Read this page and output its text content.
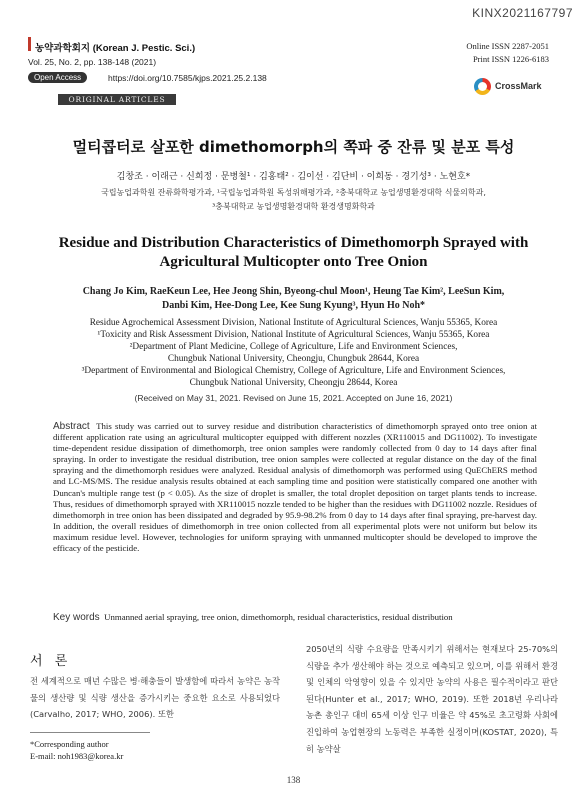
KINX2021167797
농약과학회지 (Korean J. Pestic. Sci.)
Vol. 25, No. 2, pp. 138-148 (2021)
Open Access	https://doi.org/10.7585/kjps.2021.25.2.138
ORIGINAL ARTICLES
Online ISSN 2287-2051
Print ISSN 1226-6183
CrossMark
멀티콥터로 살포한 dimethomorph의 쪽파 중 잔류 및 분포 특성
김창조 · 이래근 · 신희정 · 문병철¹ · 김홍태² · 김이선 · 김단비 · 이희동 · 경기성³ · 노현호*
국립농업과학원 잔류화학평가과, ¹국립농업과학원 독성위해평가과, ²충북대학교 농업생명환경대학 식물의학과,
³충북대학교 농업생명환경대학 환경생명화학과
Residue and Distribution Characteristics of Dimethomorph Sprayed with Agricultural Multicopter onto Tree Onion
Chang Jo Kim, RaeKeun Lee, Hee Jeong Shin, Byeong-chul Moon¹, Heung Tae Kim², LeeSun Kim,
Danbi Kim, Hee-Dong Lee, Kee Sung Kyung³, Hyun Ho Noh*
Residue Agrochemical Assessment Division, National Institute of Agricultural Sciences, Wanju 55365, Korea
¹Toxicity and Risk Assessment Division, National Institute of Agricultural Sciences, Wanju 55365, Korea
²Department of Plant Medicine, College of Agriculture, Life and Environment Sciences,
Chungbuk National University, Cheongju, Chungbuk 28644, Korea
³Department of Environmental and Biological Chemistry, College of Agriculture, Life and Environment Sciences,
Chungbuk National University, Cheongju 28644, Korea
(Received on May 31, 2021. Revised on June 15, 2021. Accepted on June 16, 2021)
Abstract This study was carried out to survey residue and distribution characteristics of dimethomorph sprayed onto tree onion at different application rate using an agricultural multicopter equipped with different nozzles (XR110015 and DG11002). To investigate time-dependent residue dissipation of dimethomorph, tree onion samples were randomly collected from 0 day to 14 days after final spraying. In order to investigate the residual distribution, tree onion samples were collected at regular distance on the day of the final spraying and the dimethomorph residues were analyzed. Residual analysis of dimethomorph was performed using QuEChERS method and LC-MS/MS. The residue analysis results obtained at each sampling time and position were statistically compared one another with Duncan's multiple range test (p < 0.05). As the size of droplet is smaller, the total droplet deposition on target plants tends to increase. Thus, residues of dimethomorph sprayed with XR110015 nozzle tended to be higher than the residues with DG11002 nozzle. Residues of dimethomorph in tree onion has been dissipated and degraded by 95.9-98.2% from 0 day to 14 days after final spraying, pre-harvest day. In addition, the overall residues of dimethomorph in tree onion collected from all experimental plots were not uniform but below its maximum residue level. However, technologies for uniform spraying with unmanned multicopter should be developed to improve the efficacy of the pesticide.
Key words Unmanned aerial spraying, tree onion, dimethomorph, residual characteristics, residual distribution
서 론
전 세계적으로 매년 수많은 병·해충들이 발생함에 따라서 농약은 농작물의 생산량 및 식량 생산을 증가시키는 중요한 요소로 사용되었다(Carvalho, 2017; WHO, 2006). 또한
2050년의 식량 수요량을 만족시키기 위해서는 현재보다 25-70%의 식량을 추가 생산해야 하는 것으로 예측되고 있으며, 이를 위해서 환경 및 인체의 악영향이 있을 수 있지만 농약의 사용은 필수적이라고 판단된다(Hunter et al., 2017; WHO, 2019). 또한 2018년 우리나라 농촌 총인구 대비 65세 이상 인구 비율은 약 45%로 초고령화 사회에 진입하여 농업현장의 노동력은 부족한 실정이며(KOSTAT, 2020), 특히 농약살
*Corresponding author
E-mail: noh1983@korea.kr
138
